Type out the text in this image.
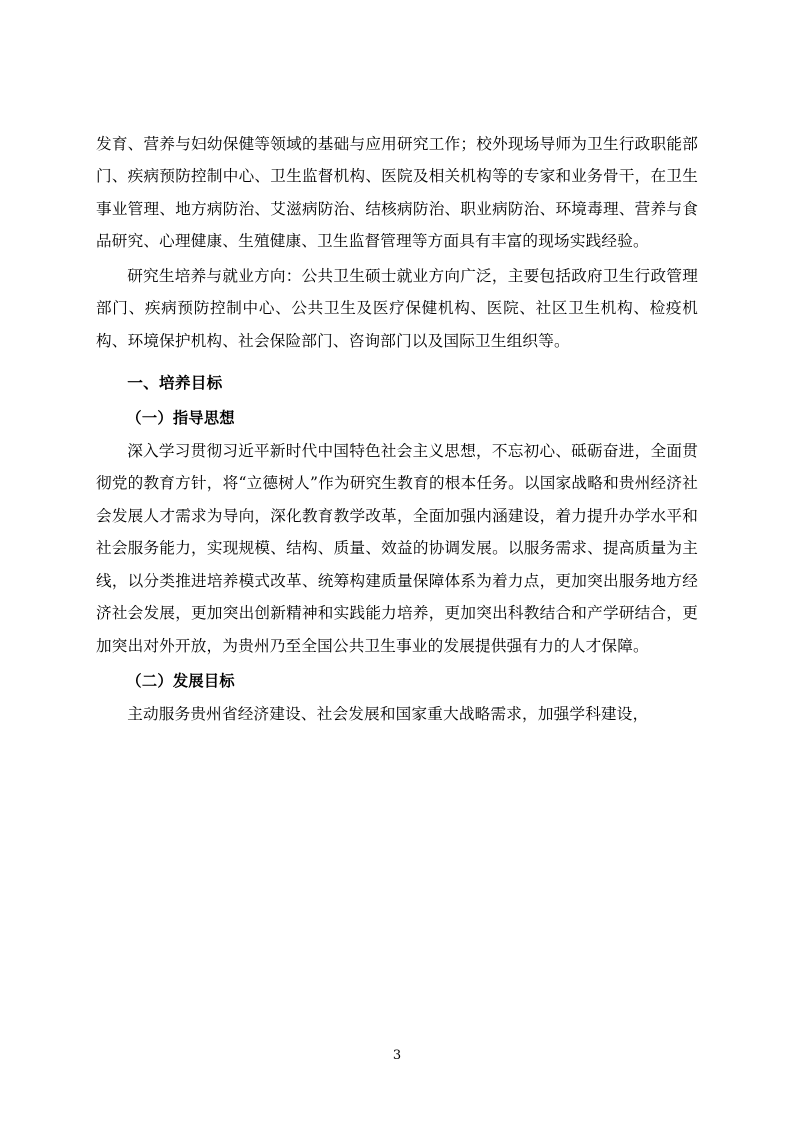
发育、营养与妇幼保健等领域的基础与应用研究工作；校外现场导师为卫生行政职能部门、疾病预防控制中心、卫生监督机构、医院及相关机构等的专家和业务骨干，在卫生事业管理、地方病防治、艾滋病防治、结核病防治、职业病防治、环境毒理、营养与食品研究、心理健康、生殖健康、卫生监督管理等方面具有丰富的现场实践经验。

研究生培养与就业方向：公共卫生硕士就业方向广泛，主要包括政府卫生行政管理部门、疾病预防控制中心、公共卫生及医疗保健机构、医院、社区卫生机构、检疫机构、环境保护机构、社会保险部门、咨询部门以及国际卫生组织等。

一、培养目标
（一）指导思想

深入学习贯彻习近平新时代中国特色社会主义思想，不忘初心、砥砺奋进，全面贯彻党的教育方针，将“立德树人”作为研究生教育的根本任务。以国家战略和贵州经济社会发展人才需求为导向，深化教育教学改革，全面加强内涵建设，着力提升办学水平和社会服务能力，实现规模、结构、质量、效益的协调发展。以服务需求、提高质量为主线，以分类推进培养模式改革、统筹构建质量保障体系为着力点，更加突出服务地方经济社会发展，更加突出创新精神和实践能力培养，更加突出科教结合和产学研结合，更加突出对外开放，为贵州乃至全国公共卫生事业的发展提供强有力的人才保障。

（二）发展目标

主动服务贵州省经济建设、社会发展和国家重大战略需求，加强学科建设，

3
